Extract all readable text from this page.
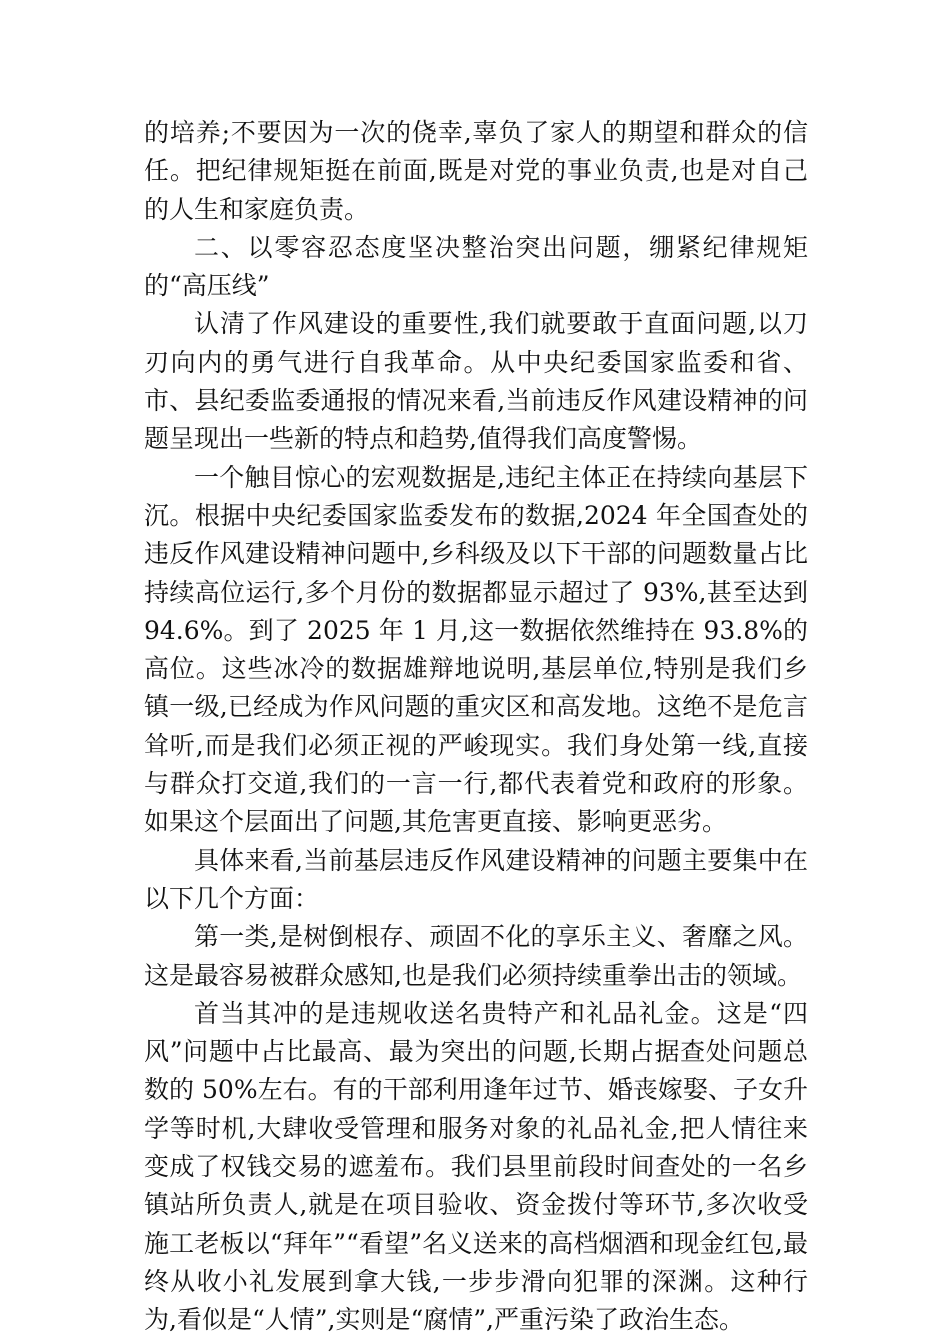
的培养;不要因为一次的侥幸,辜负了家人的期望和群众的信任。把纪律规矩挺在前面,既是对党的事业负责,也是对自己的人生和家庭负责。

二、以零容忍态度坚决整治突出问题，绷紧纪律规矩的“高压线”

认清了作风建设的重要性,我们就要敢于直面问题,以刀刃向内的勇气进行自我革命。从中央纪委国家监委和省、市、县纪委监委通报的情况来看,当前违反作风建设精神的问题呈现出一些新的特点和趋势,值得我们高度警惕。

一个触目惊心的宏观数据是,违纪主体正在持续向基层下沉。根据中央纪委国家监委发布的数据,2024 年全国查处的违反作风建设精神问题中,乡科级及以下干部的问题数量占比持续高位运行,多个月份的数据都显示超过了 93%,甚至达到 94.6%。到了 2025 年 1 月,这一数据依然维持在 93.8%的高位。这些冰冷的数据雄辩地说明,基层单位,特别是我们乡镇一级,已经成为作风问题的重灾区和高发地。这绝不是危言耸听,而是我们必须正视的严峻现实。我们身处第一线,直接与群众打交道,我们的一言一行,都代表着党和政府的形象。如果这个层面出了问题,其危害更直接、影响更恶劣。

具体来看,当前基层违反作风建设精神的问题主要集中在以下几个方面：

第一类,是树倒根存、顽固不化的享乐主义、奢靡之风。这是最容易被群众感知,也是我们必须持续重拳出击的领域。

首当其冲的是违规收送名贵特产和礼品礼金。这是“四风”问题中占比最高、最为突出的问题,长期占据查处问题总数的 50%左右。有的干部利用逢年过节、婚丧嫁娶、子女升学等时机,大肆收受管理和服务对象的礼品礼金,把人情往来变成了权钱交易的遮羞布。我们县里前段时间查处的一名乡镇站所负责人,就是在项目验收、资金拨付等环节,多次收受施工老板以“拜年”“看望”名义送来的高档烟酒和现金红包,最终从收小礼发展到拿大钱,一步步滑向犯罪的深渊。这种行为,看似是“人情”,实则是“腐情”,严重污染了政治生态。
